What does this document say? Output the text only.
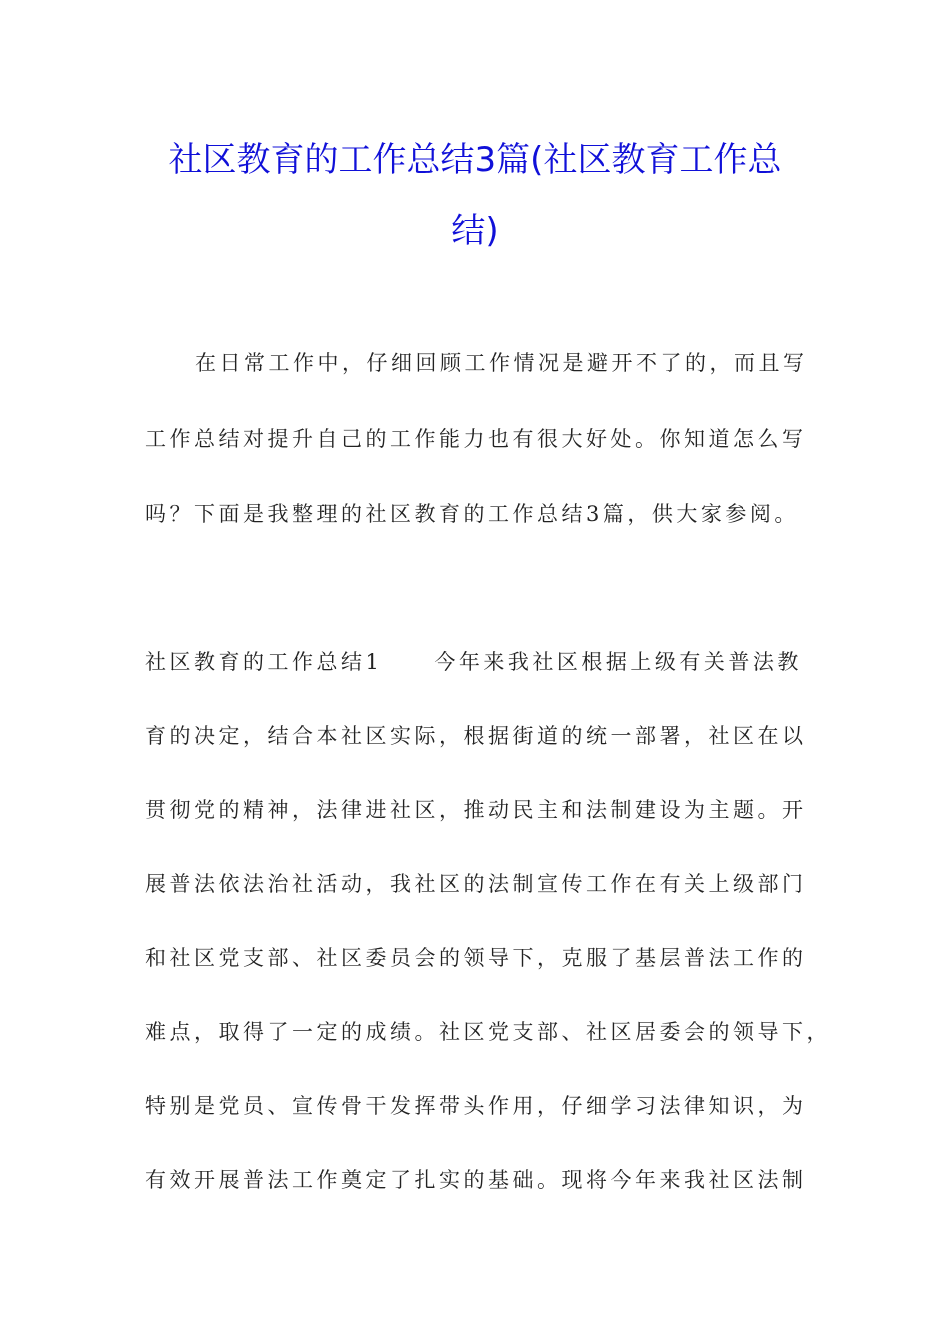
社区教育的工作总结3篇(社区教育工作总
结)

在日常工作中，仔细回顾工作情况是避开不了的，而且写

工作总结对提升自己的工作能力也有很大好处。你知道怎么写

吗？下面是我整理的社区教育的工作总结3篇，供大家参阅。

社区教育的工作总结1 今年来我社区根据上级有关普法教

育的决定，结合本社区实际，根据街道的统一部署，社区在以

贯彻党的精神，法律进社区，推动民主和法制建设为主题。开

展普法依法治社活动，我社区的法制宣传工作在有关上级部门

和社区党支部、社区委员会的领导下，克服了基层普法工作的

难点，取得了一定的成绩。社区党支部、社区居委会的领导下，

特别是党员、宣传骨干发挥带头作用，仔细学习法律知识，为

有效开展普法工作奠定了扎实的基础。现将今年来我社区法制
